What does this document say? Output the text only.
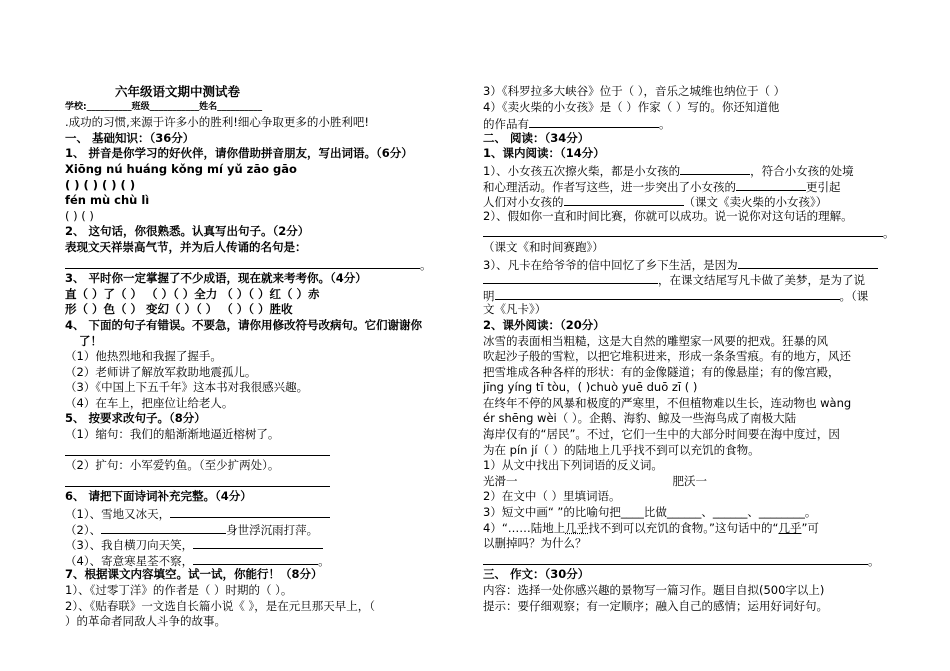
六年级语文期中测试卷
学校:__________班级___________姓名__________
.成功的习惯,来源于许多小的胜利!细心争取更多的小胜利吧!
一、 基础知识：（36分）
1、 拼音是你学习的好伙伴，请你借助拼音朋友，写出词语。（6分）
Xiōng nú huáng kǒng mí yǔ zāo gāo
( ) ( ) ( ) ( )
fén mù chù lì
( ) ( )
2、 这句话，你很熟悉。认真写出句子。（2分）
表现文天祥崇高气节，并为后人传诵的名句是：
。
3、 平时你一定掌握了不少成语，现在就来考考你。（4分）
直（ ）了（ ） （ ）（ ）全力 （ ）（ ）红（ ）赤
形（ ）色（ ） 变幻（ ）（ ） （ ）（ ）胜收
4、 下面的句子有错误。不要急，请你用修改符号改病句。它们谢谢你
了！
（1）他热烈地和我握了握手。
（2）老师讲了解放军救助地震孤儿。
（3）《中国上下五千年》这本书对我很感兴趣。
（4）在车上，把座位让给老人。
5、 按要求改句子。（8分）
（1）缩句：我们的船渐渐地逼近榕树了。
（2）扩句：小军爱钓鱼。（至少扩两处）。
6、 请把下面诗词补充完整。（4分）
（1）、雪地又冰天，
（2）、	身世浮沉雨打萍。
（3）、我自横刀向天笑，
（4）、寄意寒星荃不察，	。
7、根据课文内容填空。试一试，你能行！（8分）
1）、《过零丁洋》的作者是（ ）时期的（ ）。
2）、《贴春联》一文选自长篇小说《 》，是在元旦那天早上，（
）的革命者同敌人斗争的故事。
3）《科罗拉多大峡谷》位于（ ），音乐之城维也纳位于（ ）
4）《卖火柴的小女孩》是（ ）作家（ ）写的。你还知道他
的作品有	。
二、 阅读：（34分）
1、课内阅读：（14分）
1）、小女孩五次擦火柴，都是小女孩的	，符合小女孩的处境
和心理活动。作者写这些，进一步突出了小女孩的	更引起
人们对小女孩的	（课文《卖火柴的小女孩》）
2）、假如你一直和时间比赛，你就可以成功。说一说你对这句话的理解。
。
（课文《和时间赛跑》）
3）、凡卡在给爷爷的信中回忆了乡下生活，是因为
，在课文结尾写凡卡做了美梦，是为了说
明	。（课
文《凡卡》）
2、课外阅读：（20分）
冰雪的表面相当粗糙，这是大自然的雕塑家一风要的把戏。狂暴的风
吹起沙子般的雪粒，以把它堆积进来，形成一条条雪痕。有的地方，风还
把雪堆成各种各样的形状：有的金像隧道；有的像悬崖；有的像宫殿，
jīng yíng tī tòu，( )chuò yuē duō zī ( )
在终年不停的风暴和极度的严寒里，不但植物难以生长，连动物也 wàng
ér shēng wèi（ ）。企鹅、海豹、鲸及一些海鸟成了南极大陆
海岸仅有的“居民”。不过，它们一生中的大部分时间要在海中度过，因
为在 pín jí（ ）的陆地上几乎找不到可以充饥的食物。
1）从文中找出下列词语的反义词。
光滑一	肥沃一
2）在文中（ ）里填词语。
3）短文中画“ ”的比喻句把____比做______、______、________。
4）“……陆地上几乎找不到可以充饥的食物。”这句话中的“几乎”可
以删掉吗？为什么？
。
三、 作文：（30分）
内容：选择一处你感兴趣的景物写一篇习作。题目自拟(500字以上)
提示：要仔细观察；有一定顺序；融入自己的感情；运用好词好句。
